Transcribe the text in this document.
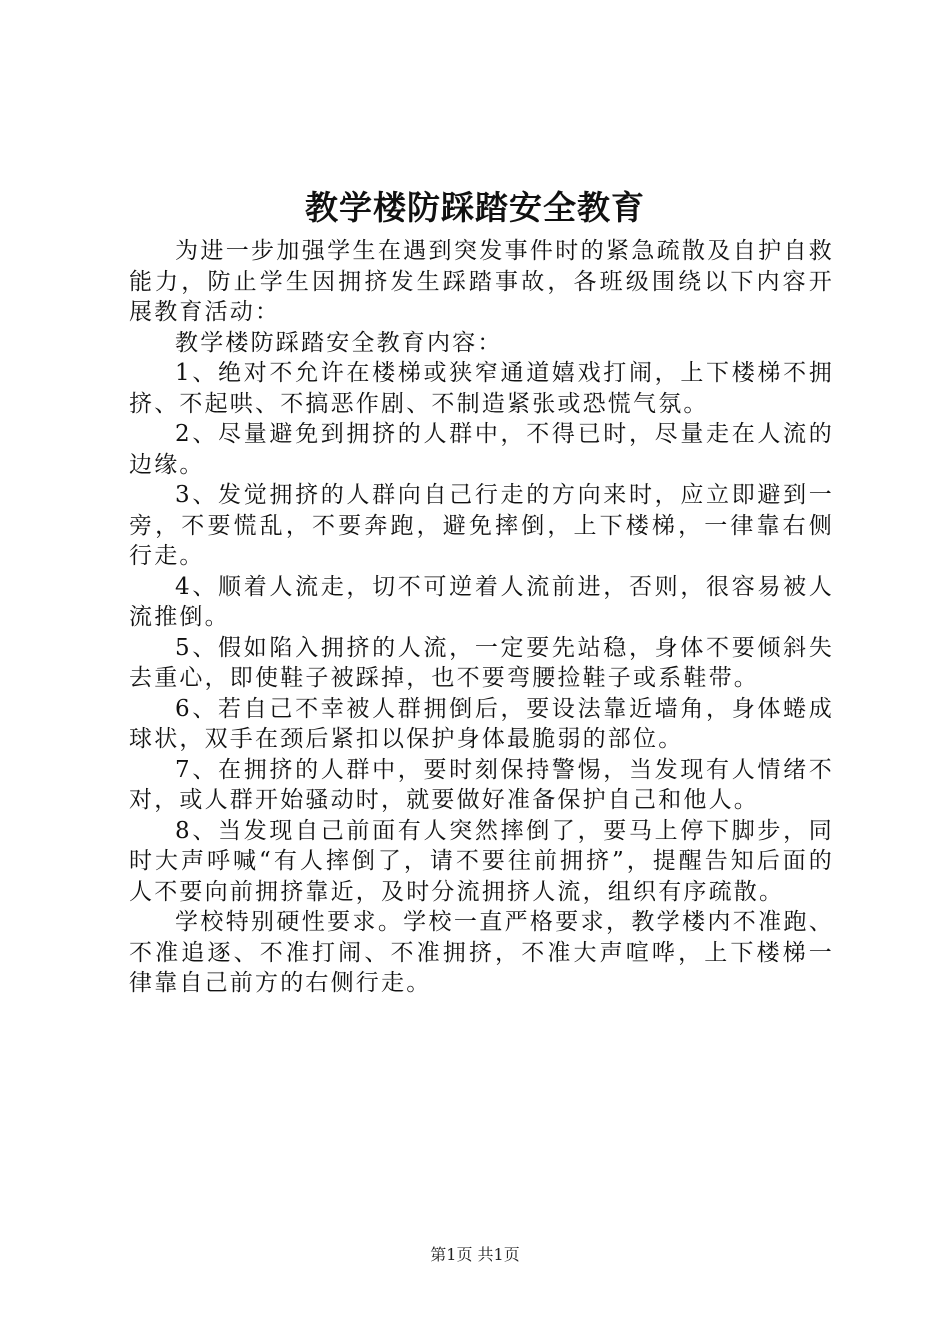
教学楼防踩踏安全教育

为进一步加强学生在遇到突发事件时的紧急疏散及自护自救能力，防止学生因拥挤发生踩踏事故，各班级围绕以下内容开展教育活动：

教学楼防踩踏安全教育内容：

1、绝对不允许在楼梯或狭窄通道嬉戏打闹，上下楼梯不拥挤、不起哄、不搞恶作剧、不制造紧张或恐慌气氛。

2、尽量避免到拥挤的人群中，不得已时，尽量走在人流的边缘。

3、发觉拥挤的人群向自己行走的方向来时，应立即避到一旁，不要慌乱，不要奔跑，避免摔倒，上下楼梯，一律靠右侧行走。

4、顺着人流走，切不可逆着人流前进，否则，很容易被人流推倒。

5、假如陷入拥挤的人流，一定要先站稳，身体不要倾斜失去重心，即使鞋子被踩掉，也不要弯腰捡鞋子或系鞋带。

6、若自己不幸被人群拥倒后，要设法靠近墙角，身体蜷成球状，双手在颈后紧扣以保护身体最脆弱的部位。

7、在拥挤的人群中，要时刻保持警惕，当发现有人情绪不对，或人群开始骚动时，就要做好准备保护自己和他人。

8、当发现自己前面有人突然摔倒了，要马上停下脚步，同时大声呼喊“有人摔倒了，请不要往前拥挤”，提醒告知后面的人不要向前拥挤靠近，及时分流拥挤人流，组织有序疏散。

学校特别硬性要求。学校一直严格要求，教学楼内不准跑、不准追逐、不准打闹、不准拥挤，不准大声喧哗，上下楼梯一律靠自己前方的右侧行走。

第1页 共1页
